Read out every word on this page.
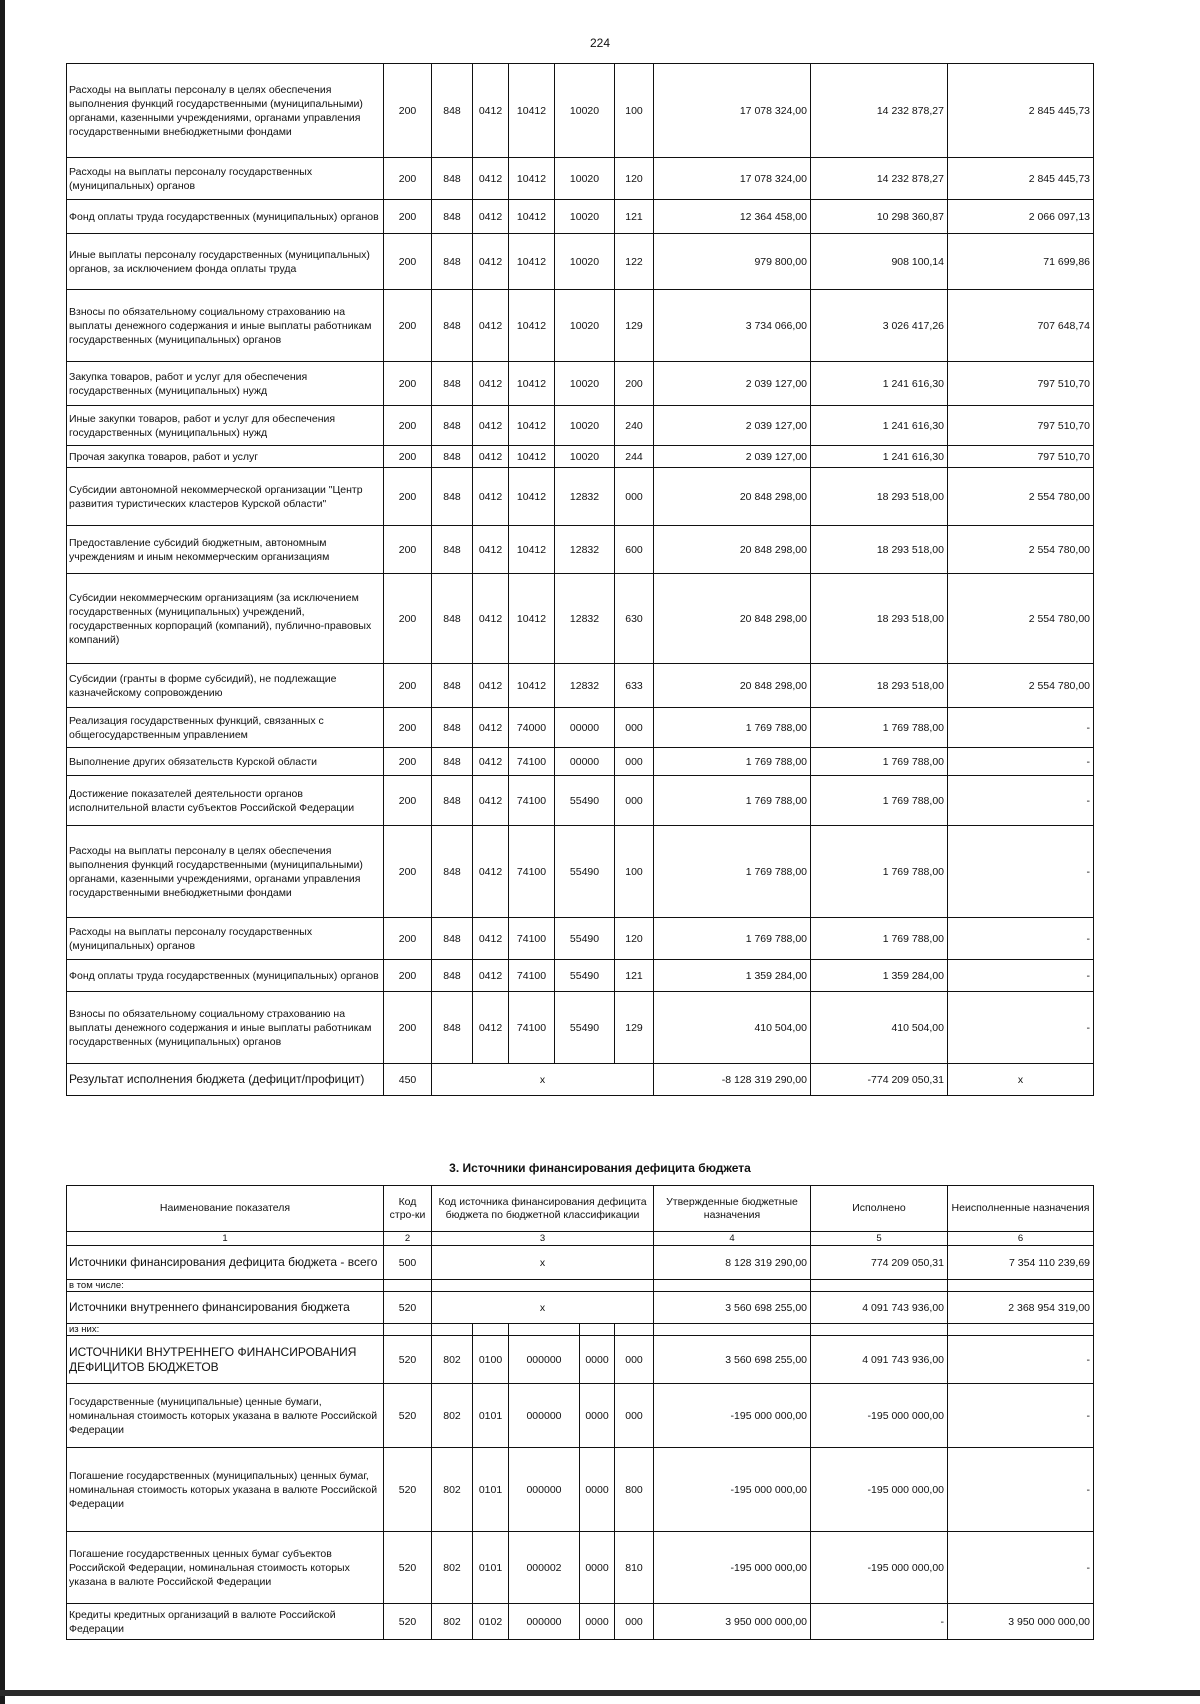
224
Расходы на выплаты персоналу в целях обеспечения выполнения функций государственными (муниципальными) органами, казенными учреждениями, органами управления государственными внебюджетными фондами	200	848	0412	10412	10020	100	17 078 324,00	14 232 878,27	2 845 445,73
Расходы на выплаты персоналу государственных (муниципальных) органов	200	848	0412	10412	10020	120	17 078 324,00	14 232 878,27	2 845 445,73
Фонд оплаты труда государственных (муниципальных) органов	200	848	0412	10412	10020	121	12 364 458,00	10 298 360,87	2 066 097,13
Иные выплаты персоналу государственных (муниципальных) органов, за исключением фонда оплаты труда	200	848	0412	10412	10020	122	979 800,00	908 100,14	71 699,86
Взносы по обязательному социальному страхованию на выплаты денежного содержания и иные выплаты работникам государственных (муниципальных) органов	200	848	0412	10412	10020	129	3 734 066,00	3 026 417,26	707 648,74
Закупка товаров, работ и услуг для обеспечения государственных (муниципальных) нужд	200	848	0412	10412	10020	200	2 039 127,00	1 241 616,30	797 510,70
Иные закупки товаров, работ и услуг для обеспечения государственных (муниципальных) нужд	200	848	0412	10412	10020	240	2 039 127,00	1 241 616,30	797 510,70
Прочая закупка товаров, работ и услуг	200	848	0412	10412	10020	244	2 039 127,00	1 241 616,30	797 510,70
Субсидии автономной некоммерческой организации "Центр развития туристических кластеров Курской области"	200	848	0412	10412	12832	000	20 848 298,00	18 293 518,00	2 554 780,00
Предоставление субсидий бюджетным, автономным учреждениям и иным некоммерческим организациям	200	848	0412	10412	12832	600	20 848 298,00	18 293 518,00	2 554 780,00
Субсидии некоммерческим организациям (за исключением государственных (муниципальных) учреждений, государственных корпораций (компаний), публично-правовых компаний)	200	848	0412	10412	12832	630	20 848 298,00	18 293 518,00	2 554 780,00
Субсидии (гранты в форме субсидий), не подлежащие казначейскому сопровождению	200	848	0412	10412	12832	633	20 848 298,00	18 293 518,00	2 554 780,00
Реализация государственных функций, связанных с общегосударственным управлением	200	848	0412	74000	00000	000	1 769 788,00	1 769 788,00	-
Выполнение других обязательств Курской области	200	848	0412	74100	00000	000	1 769 788,00	1 769 788,00	-
Достижение показателей деятельности органов исполнительной власти субъектов Российской Федерации	200	848	0412	74100	55490	000	1 769 788,00	1 769 788,00	-
Расходы на выплаты персоналу в целях обеспечения выполнения функций государственными (муниципальными) органами, казенными учреждениями, органами управления государственными внебюджетными фондами	200	848	0412	74100	55490	100	1 769 788,00	1 769 788,00	-
Расходы на выплаты персоналу государственных (муниципальных) органов	200	848	0412	74100	55490	120	1 769 788,00	1 769 788,00	-
Фонд оплаты труда государственных (муниципальных) органов	200	848	0412	74100	55490	121	1 359 284,00	1 359 284,00	-
Взносы по обязательному социальному страхованию на выплаты денежного содержания и иные выплаты работникам государственных (муниципальных) органов	200	848	0412	74100	55490	129	410 504,00	410 504,00	-
Результат исполнения бюджета (дефицит/профицит)	450	x					-8 128 319 290,00	-774 209 050,31	x
3. Источники финансирования дефицита бюджета
Наименование показателя	Код стро-ки	Код источника финансирования дефицита бюджета по бюджетной классификации					Утвержденные бюджетные назначения	Исполнено	Неисполненные назначения
1	2	3					4	5	6
Источники финансирования дефицита бюджета - всего	500	x					8 128 319 290,00	774 209 050,31	7 354 110 239,69
в том числе:									
Источники внутреннего финансирования бюджета	520	x					3 560 698 255,00	4 091 743 936,00	2 368 954 319,00
из них:									
ИСТОЧНИКИ ВНУТРЕННЕГО ФИНАНСИРОВАНИЯ ДЕФИЦИТОВ БЮДЖЕТОВ	520	802	0100	000000	0000	000	3 560 698 255,00	4 091 743 936,00	-
Государственные (муниципальные) ценные бумаги, номинальная стоимость которых указана в валюте Российской Федерации	520	802	0101	000000	0000	000	-195 000 000,00	-195 000 000,00	-
Погашение государственных (муниципальных) ценных бумаг, номинальная стоимость которых указана в валюте Российской Федерации	520	802	0101	000000	0000	800	-195 000 000,00	-195 000 000,00	-
Погашение государственных ценных бумаг субъектов Российской Федерации, номинальная стоимость которых указана в валюте Российской Федерации	520	802	0101	000002	0000	810	-195 000 000,00	-195 000 000,00	-
Кредиты кредитных организаций в валюте Российской Федерации	520	802	0102	000000	0000	000	3 950 000 000,00	-	3 950 000 000,00
